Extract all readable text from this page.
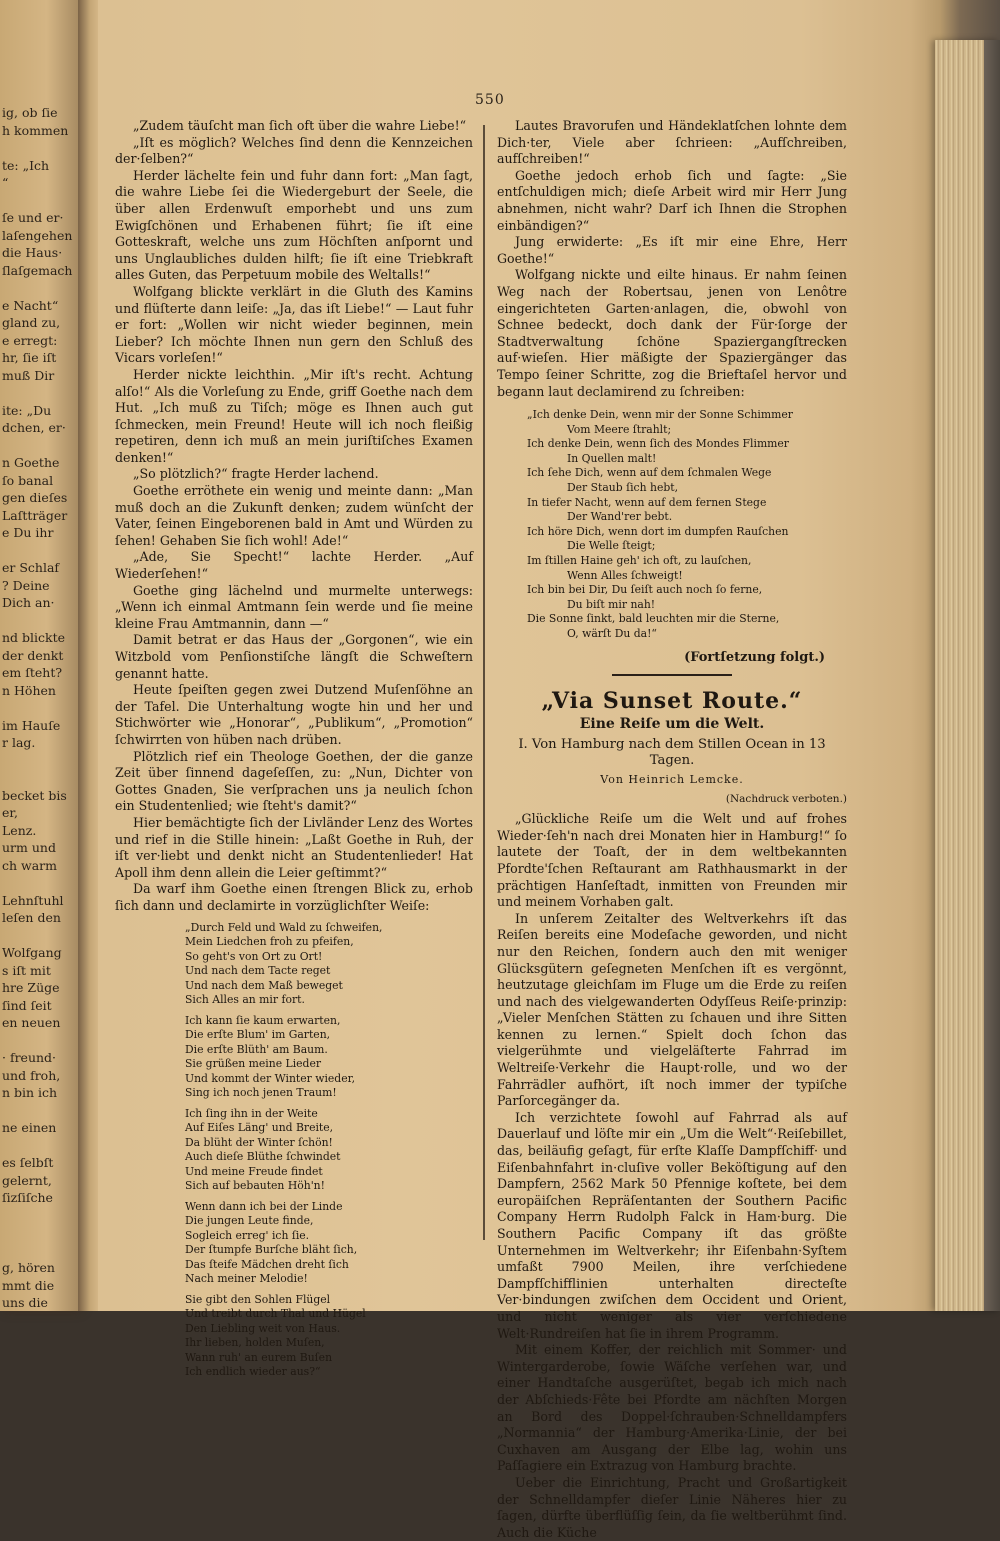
ig, ob ſie
h kommen

te: „Ich
“

ſe und er·
laſengehen
die Haus·
ſlaſgemach

e Nacht“
gland zu,
e erregt:
hr, ſie iſt
muß Dir

ite: „Du
dchen, er·

n Goethe
ſo banal
gen dieſes
Laſtträger
e Du ihr

er Schlaf
? Deine
Dich an·

nd blickte
der denkt
em ſteht?
n Höhen

im Hauſe
r lag.

becket bis
er,
Lenz.
urm und
ch warm

Lehnſtuhl
leſen den

Wolfgang
s iſt mit
hre Züge
ſind ſeit
en neuen

· freund·
und froh,
n bin ich

ne einen

es ſelbſt
gelernt,
ſizſiſche

g, hören
mmt die
uns die
550

„Zudem täuſcht man ſich oft über die wahre Liebe!“

„Iſt es möglich? Welches ſind denn die Kennzeichen der·ſelben?“

Herder lächelte fein und fuhr dann fort: „Man ſagt, die wahre Liebe ſei die Wiedergeburt der Seele, die über allen Erdenwuſt emporhebt und uns zum Ewigſchönen und Erhabenen führt; ſie iſt eine Gotteskraft, welche uns zum Höchſten anſpornt und uns Unglaubliches dulden hilft; ſie iſt eine Triebkraft alles Guten, das Perpetuum mobile des Weltalls!“

Wolfgang blickte verklärt in die Gluth des Kamins und flüſterte dann leiſe: „Ja, das iſt Liebe!“ — Laut fuhr er fort: „Wollen wir nicht wieder beginnen, mein Lieber? Ich möchte Ihnen nun gern den Schluß des Vicars vorleſen!“

Herder nickte leichthin. „Mir iſt's recht. Achtung alſo!“ Als die Vorleſung zu Ende, griff Goethe nach dem Hut. „Ich muß zu Tiſch; möge es Ihnen auch gut ſchmecken, mein Freund! Heute will ich noch fleißig repetiren, denn ich muß an mein juriſtiſches Examen denken!“

„So plötzlich?“ fragte Herder lachend.

Goethe erröthete ein wenig und meinte dann: „Man muß doch an die Zukunft denken; zudem wünſcht der Vater, ſeinen Eingeborenen bald in Amt und Würden zu ſehen! Gehaben Sie ſich wohl! Ade!“

„Ade, Sie Specht!“ lachte Herder. „Auf Wiederſehen!“

Goethe ging lächelnd und murmelte unterwegs: „Wenn ich einmal Amtmann ſein werde und ſie meine kleine Frau Amtmannin, dann —“

Damit betrat er das Haus der „Gorgonen“, wie ein Witzbold vom Penſionstiſche längſt die Schweſtern genannt hatte.

Heute ſpeiſten gegen zwei Dutzend Muſenſöhne an der Tafel. Die Unterhaltung wogte hin und her und Stichwörter wie „Honorar“, „Publikum“, „Promotion“ ſchwirrten von hüben nach drüben.

Plötzlich rief ein Theologe Goethen, der die ganze Zeit über ſinnend dageſeſſen, zu: „Nun, Dichter von Gottes Gnaden, Sie verſprachen uns ja neulich ſchon ein Studentenlied; wie ſteht's damit?“

Hier bemächtigte ſich der Livländer Lenz des Wortes und rief in die Stille hinein: „Laßt Goethe in Ruh, der iſt ver·liebt und denkt nicht an Studentenlieder! Hat Apoll ihm denn allein die Leier geſtimmt?“

Da warf ihm Goethe einen ſtrengen Blick zu, erhob ſich dann und declamirte in vorzüglichſter Weiſe:

„Durch Feld und Wald zu ſchweifen,
Mein Liedchen froh zu pfeifen,
So geht's von Ort zu Ort!
Und nach dem Tacte reget
Und nach dem Maß beweget
Sich Alles an mir fort.
Ich kann ſie kaum erwarten,
Die erſte Blum' im Garten,
Die erſte Blüth' am Baum.
Sie grüßen meine Lieder
Und kommt der Winter wieder,
Sing ich noch jenen Traum!
Ich ſing ihn in der Weite
Auf Eiſes Läng' und Breite,
Da blüht der Winter ſchön!
Auch dieſe Blüthe ſchwindet
Und meine Freude findet
Sich auf bebauten Höh'n!
Wenn dann ich bei der Linde
Die jungen Leute finde,
Sogleich erreg' ich ſie.
Der ſtumpfe Burſche bläht ſich,
Das ſteife Mädchen dreht ſich
Nach meiner Melodie!
Sie gibt den Sohlen Flügel
Und treibt durch Thal und Hügel
Den Liebling weit von Haus.
Ihr lieben, holden Muſen,
Wann ruh' an eurem Buſen
Ich endlich wieder aus?“

Lautes Bravorufen und Händeklatſchen lohnte dem Dich·ter, Viele aber ſchrieen: „Aufſchreiben, aufſchreiben!“

Goethe jedoch erhob ſich und ſagte: „Sie entſchuldigen mich; dieſe Arbeit wird mir Herr Jung abnehmen, nicht wahr? Darf ich Ihnen die Strophen einbändigen?“

Jung erwiderte: „Es iſt mir eine Ehre, Herr Goethe!“

Wolfgang nickte und eilte hinaus. Er nahm ſeinen Weg nach der Robertsau, jenen von Lenôtre eingerichteten Garten·anlagen, die, obwohl von Schnee bedeckt, doch dank der Für·ſorge der Stadtverwaltung ſchöne Spaziergangſtrecken auf·wieſen. Hier mäßigte der Spaziergänger das Tempo ſeiner Schritte, zog die Brieftaſel hervor und begann laut declamirend zu ſchreiben:

„Ich denke Dein, wenn mir der Sonne Schimmer
Vom Meere ſtrahlt;
Ich denke Dein, wenn ſich des Mondes Flimmer
In Quellen malt!
Ich ſehe Dich, wenn auf dem ſchmalen Wege
Der Staub ſich hebt,
In tiefer Nacht, wenn auf dem fernen Stege
Der Wand'rer bebt.
Ich höre Dich, wenn dort im dumpfen Rauſchen
Die Welle ſteigt;
Im ſtillen Haine geh' ich oft, zu lauſchen,
Wenn Alles ſchweigt!
Ich bin bei Dir, Du ſeiſt auch noch ſo ferne,
Du biſt mir nah!
Die Sonne ſinkt, bald leuchten mir die Sterne,
O, wärſt Du da!“
(Fortſetzung folgt.)
„Via Sunset Route.“
Eine Reiſe um die Welt.
I. Von Hamburg nach dem Stillen Ocean in 13 Tagen.
Von Heinrich Lemcke.
(Nachdruck verboten.)

„Glückliche Reiſe um die Welt und auf frohes Wieder·ſeh'n nach drei Monaten hier in Hamburg!“ ſo lautete der Toaſt, der in dem weltbekannten Pfordte'ſchen Reſtaurant am Rathhausmarkt in der prächtigen Hanſeſtadt, inmitten von Freunden mir und meinem Vorhaben galt.

In unſerem Zeitalter des Weltverkehrs iſt das Reiſen bereits eine Modeſache geworden, und nicht nur den Reichen, ſondern auch den mit weniger Glücksgütern geſegneten Menſchen iſt es vergönnt, heutzutage gleichſam im Fluge um die Erde zu reiſen und nach des vielgewanderten Odyſſeus Reiſe·prinzip: „Vieler Menſchen Stätten zu ſchauen und ihre Sitten kennen zu lernen.“ Spielt doch ſchon das vielgerühmte und vielgeläſterte Fahrrad im Weltreiſe·Verkehr die Haupt·rolle, und wo der Fahrrädler aufhört, iſt noch immer der typiſche Parſorcegänger da.

Ich verzichtete ſowohl auf Fahrrad als auf Dauerlauf und löſte mir ein „Um die Welt“·Reiſebillet, das, beiläufig geſagt, für erſte Klaſſe Dampfſchiff· und Eiſenbahnfahrt in·cluſive voller Beköſtigung auf den Dampfern, 2562 Mark 50 Pfennige koſtete, bei dem europäiſchen Repräſentanten der Southern Pacific Company Herrn Rudolph Falck in Ham·burg. Die Southern Pacific Company iſt das größte Unternehmen im Weltverkehr; ihr Eiſenbahn·Syſtem umfaßt 7900 Meilen, ihre verſchiedene Dampfſchifflinien unterhalten directeſte Ver·bindungen zwiſchen dem Occident und Orient, und nicht weniger als vier verſchiedene Welt·Rundreiſen hat ſie in ihrem Programm.

Mit einem Koffer, der reichlich mit Sommer· und Wintergarderobe, ſowie Wäſche verſehen war, und einer Handtaſche ausgerüſtet, begab ich mich nach der Abſchieds·Fête bei Pfordte am nächſten Morgen an Bord des Doppel·ſchrauben·Schnelldampfers „Normannia“ der Hamburg·Amerika·Linie, der bei Cuxhaven am Ausgang der Elbe lag, wohin uns Paſſagiere ein Extrazug von Hamburg brachte.

Ueber die Einrichtung, Pracht und Großartigkeit der Schnelldampfer dieſer Linie Näheres hier zu ſagen, dürfte überflüſſig ſein, da ſie weltberühmt ſind. Auch die Küche
